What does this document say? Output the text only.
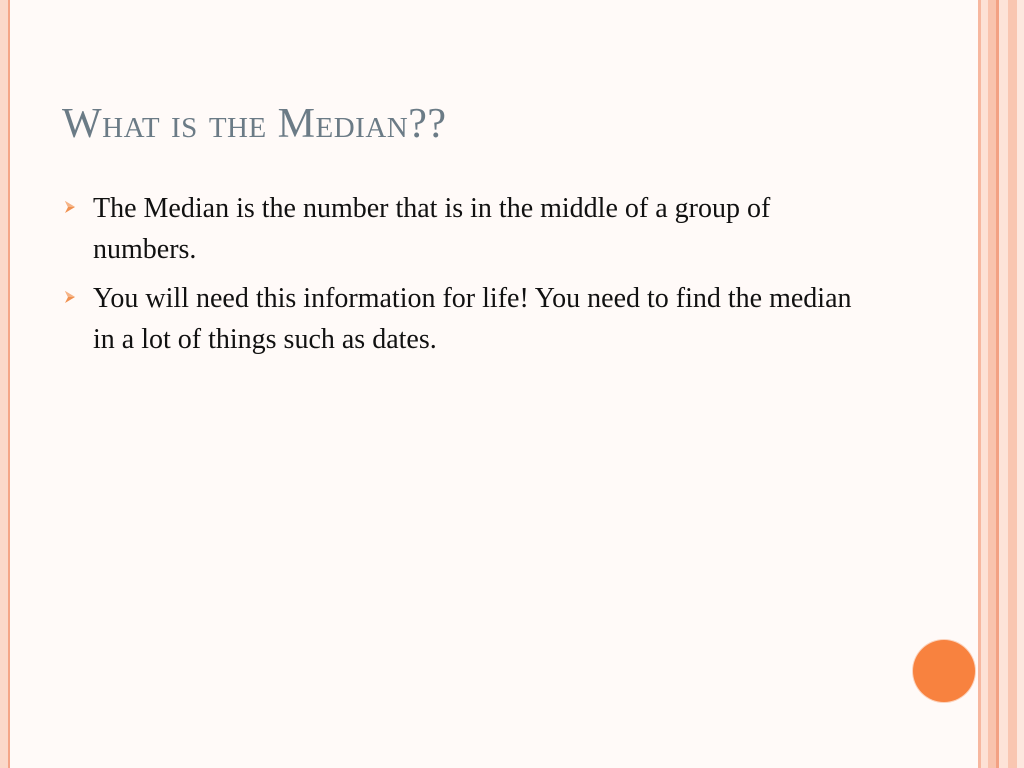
What is the Median??
The Median is the number that is in the middle of a group of numbers.
You will need this information for life! You need to find the median in a lot of things such as dates.
